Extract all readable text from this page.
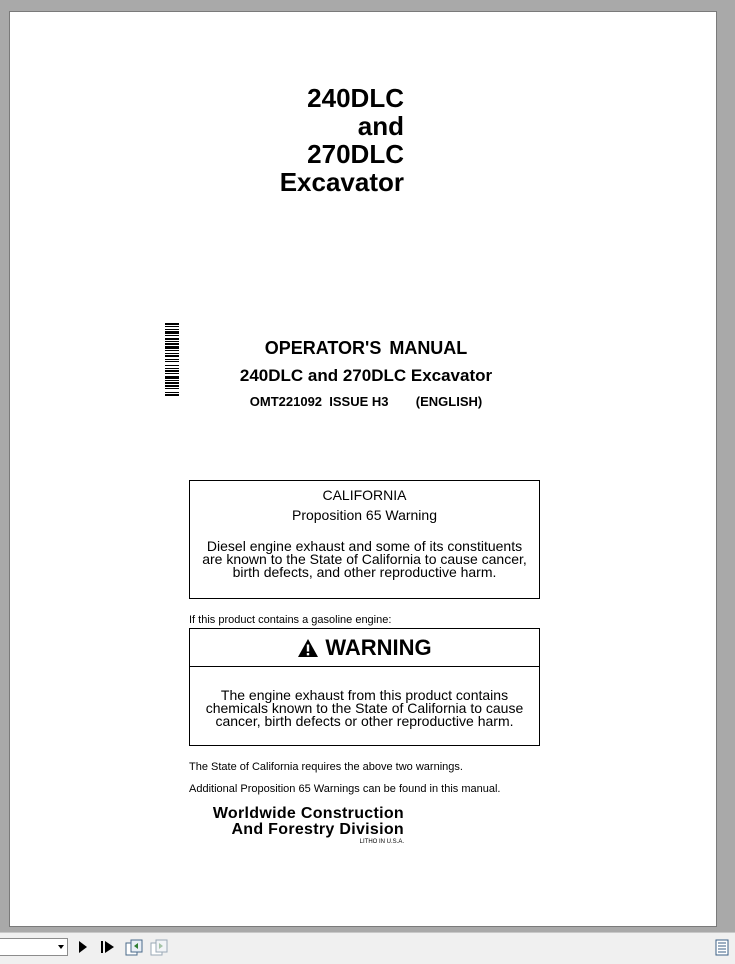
240DLC
and
270DLC
Excavator
OPERATOR'S MANUAL
240DLC and 270DLC Excavator
OMT221092 ISSUE H3 (ENGLISH)
CALIFORNIA
Proposition 65 Warning
Diesel engine exhaust and some of its constituents are known to the State of California to cause cancer, birth defects, and other reproductive harm.
If this product contains a gasoline engine:
WARNING
The engine exhaust from this product contains chemicals known to the State of California to cause cancer, birth defects or other reproductive harm.
The State of California requires the above two warnings.
Additional Proposition 65 Warnings can be found in this manual.
Worldwide Construction
And Forestry Division
LITHO IN U.S.A.
